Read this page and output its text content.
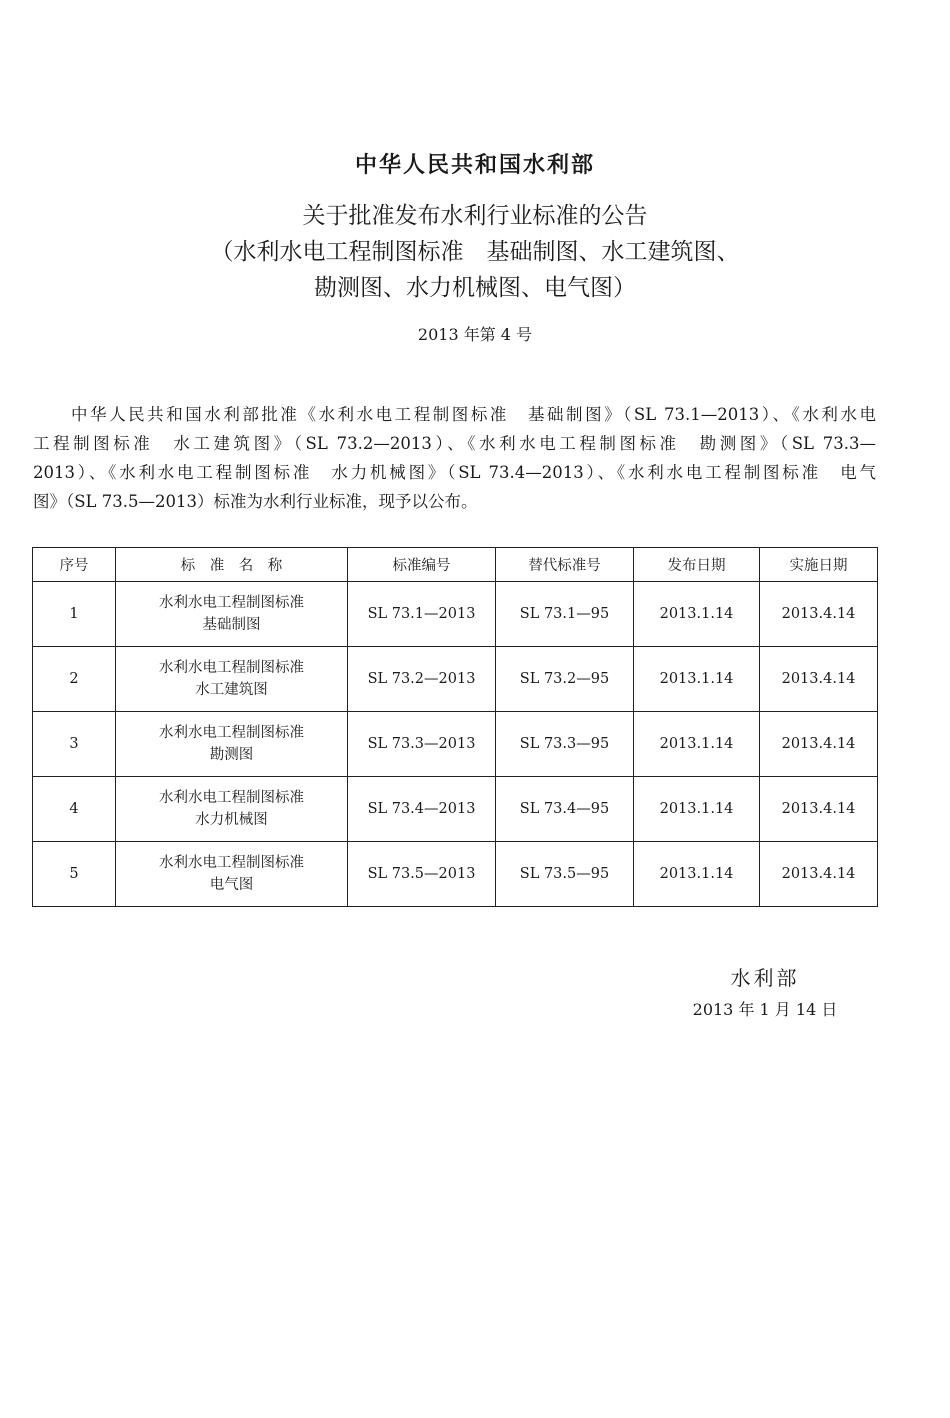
中华人民共和国水利部
关于批准发布水利行业标准的公告
（水利水电工程制图标准　基础制图、水工建筑图、
勘测图、水力机械图、电气图）
2013 年第 4 号
中华人民共和国水利部批准《水利水电工程制图标准　基础制图》（SL 73.1—2013）、《水利水电
工程制图标准　水工建筑图》（SL 73.2—2013）、《水利水电工程制图标准　勘测图》（SL 73.3—
2013）、《水利水电工程制图标准　水力机械图》（SL 73.4—2013）、《水利水电工程制图标准　电气
图》（SL 73.5—2013）标准为水利行业标准，现予以公布。
序号	标　准　名　称	标准编号	替代标准号	发布日期	实施日期
1	水利水电工程制图标准
基础制图	SL 73.1—2013	SL 73.1—95	2013.1.14	2013.4.14
2	水利水电工程制图标准
水工建筑图	SL 73.2—2013	SL 73.2—95	2013.1.14	2013.4.14
3	水利水电工程制图标准
勘测图	SL 73.3—2013	SL 73.3—95	2013.1.14	2013.4.14
4	水利水电工程制图标准
水力机械图	SL 73.4—2013	SL 73.4—95	2013.1.14	2013.4.14
5	水利水电工程制图标准
电气图	SL 73.5—2013	SL 73.5—95	2013.1.14	2013.4.14
水利部
2013 年 1 月 14 日
